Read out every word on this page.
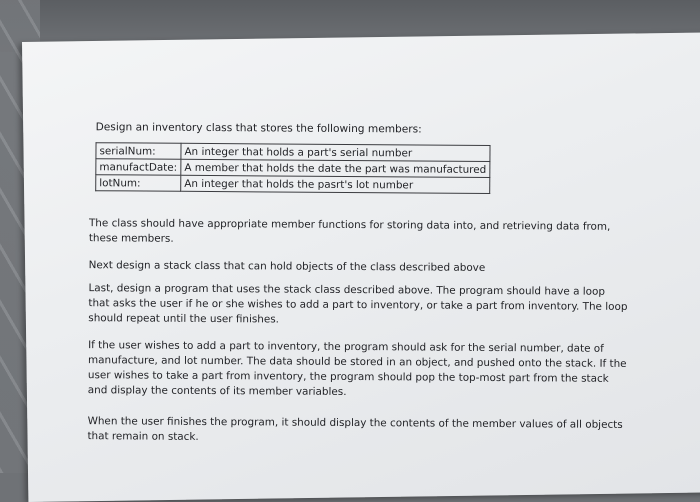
Design an inventory class that stores the following members:
serialNum:	An integer that holds a part's serial number
manufactDate:	A member that holds the date the part was manufactured
lotNum:	An integer that holds the pasrt's lot number

The class should have appropriate member functions for storing data into, and retrieving data from, these members.

Next design a stack class that can hold objects of the class described above

Last, design a program that uses the stack class described above. The program should have a loop that asks the user if he or she wishes to add a part to inventory, or take a part from inventory. The loop should repeat until the user finishes.

If the user wishes to add a part to inventory, the program should ask for the serial number, date of manufacture, and lot number. The data should be stored in an object, and pushed onto the stack. If the user wishes to take a part from inventory, the program should pop the top-most part from the stack and display the contents of its member variables.

When the user finishes the program, it should display the contents of the member values of all objects that remain on stack.
